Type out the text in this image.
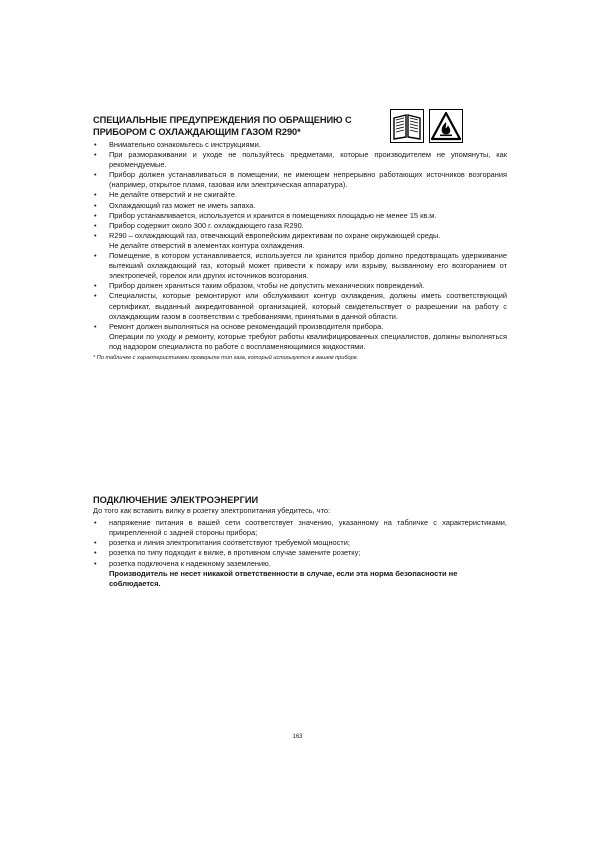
СПЕЦИАЛЬНЫЕ ПРЕДУПРЕЖДЕНИЯ ПО ОБРАЩЕНИЮ С
ПРИБОРОМ С ОХЛАЖДАЮЩИМ ГАЗОМ R290*
• Внимательно ознакомьтесь с инструкциями.
• При размораживании и уходе не пользуйтесь предметами, которые производителем не упомянуты, как рекомендуемые.
• Прибор должен устанавливаться в помещении, не имеющем непрерывно работающих источников возгорания (например, открытое пламя, газовая или электрическая аппаратура).
• Не делайте отверстий и не сжигайте.
• Охлаждающий газ может не иметь запаха.
• Прибор устанавливается, используется и хранится в помещениях площадью не менее 15 кв.м.
• Прибор содержит около 300 г. охлаждающего газа R290.
• R290 – охлаждающий газ, отвечающий европейским директивам по охране окружающей среды.
Не делайте отверстий в элементах контура охлаждения.
• Помещение, в котором устанавливается, используется ли хранится прибор должно предотвращать удерживание вытекший охлаждающий газ, который может привести к пожару или взрыву, вызванному его возгоранием от электропечей, горелок или других источников возгорания.
• Прибор должен храниться таким образом, чтобы не допустить механических повреждений.
• Специалисты, которые ремонтируют или обслуживают контур охлаждения, должны иметь соответствующий сертификат, выданный аккредитованной организацией, который свидетельствует о разрешении на работу с охлаждающим газом в соответствии с требованиями, принятыми в данной области.
• Ремонт должен выполняться на основе рекомендаций производителя прибора.
Операции по уходу и ремонту, которые требуют работы квалифицированных специалистов, должны выполняться под надзором специалиста по работе с воспламеняющимися жидкостями.

* По табличке с характеристиками проверьте тип газа, который используется в вашем приборе.

ПОДКЛЮЧЕНИЕ ЭЛЕКТРОЭНЕРГИИ

До того как вставить вилку в розетку электропитания убедитесь, что:

• напряжение питания в вашей сети соответствует значению, указанному на табличке с характеристиками, прикрепленной с задней стороны прибора;
• розетка и линия электропитания соответствуют требуемой мощности;
• розетка по типу подходит к вилке, в противном случае замените розетку;
• розетка подключена к надежному заземлению.

Производитель не несет никакой ответственности в случае, если эта норма безопасности не соблюдается.

163
